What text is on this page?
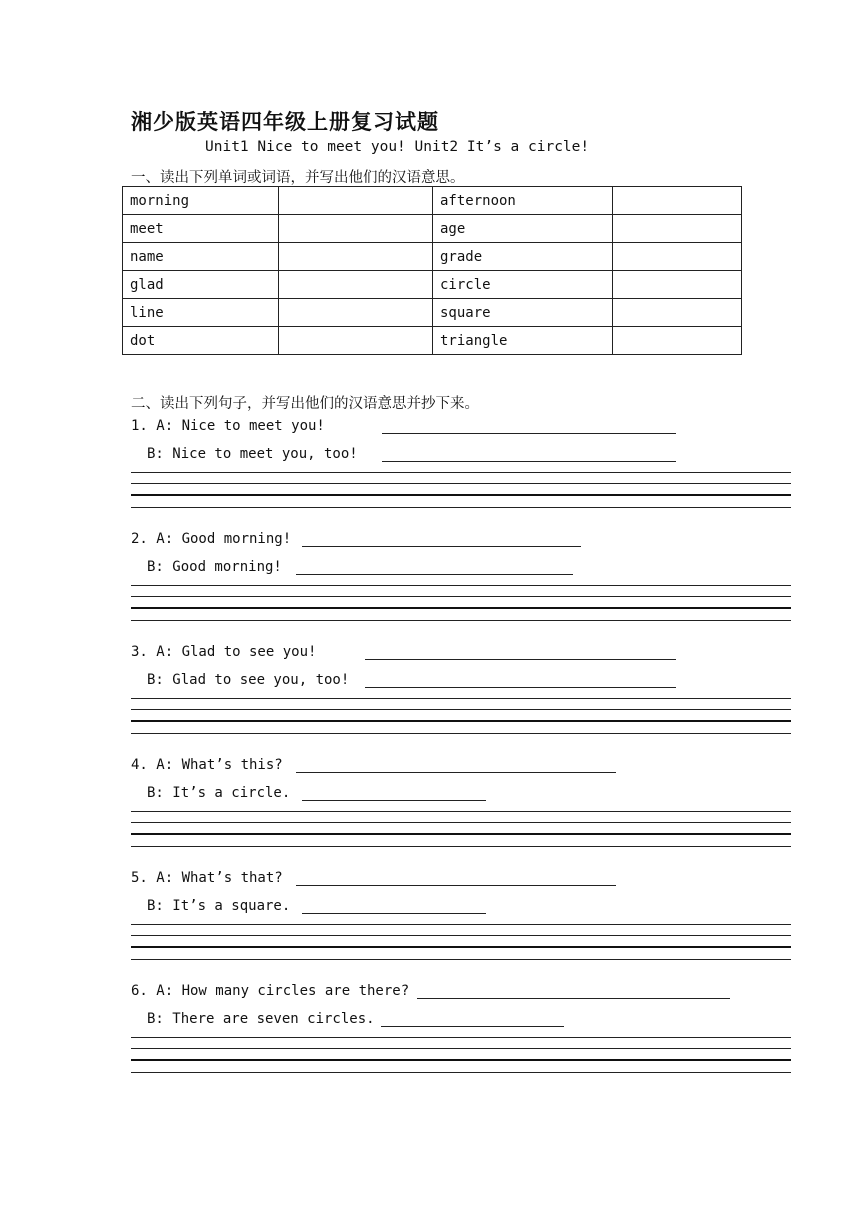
湘少版英语四年级上册复习试题
Unit1 Nice to meet you! Unit2 It’s a circle!
一、读出下列单词或词语，并写出他们的汉语意思。
morning		afternoon	
meet		age	
name		grade	
glad		circle	
line		square	
dot		triangle	
二、读出下列句子，并写出他们的汉语意思并抄下来。
1. A: Nice to meet you!
B: Nice to meet you, too!
2. A: Good morning!
B: Good morning!
3. A: Glad to see you!
B: Glad to see you, too!
4. A: What’s this?
B: It’s a circle.
5. A: What’s that?
B: It’s a square.
6. A: How many circles are there?
B: There are seven circles.
